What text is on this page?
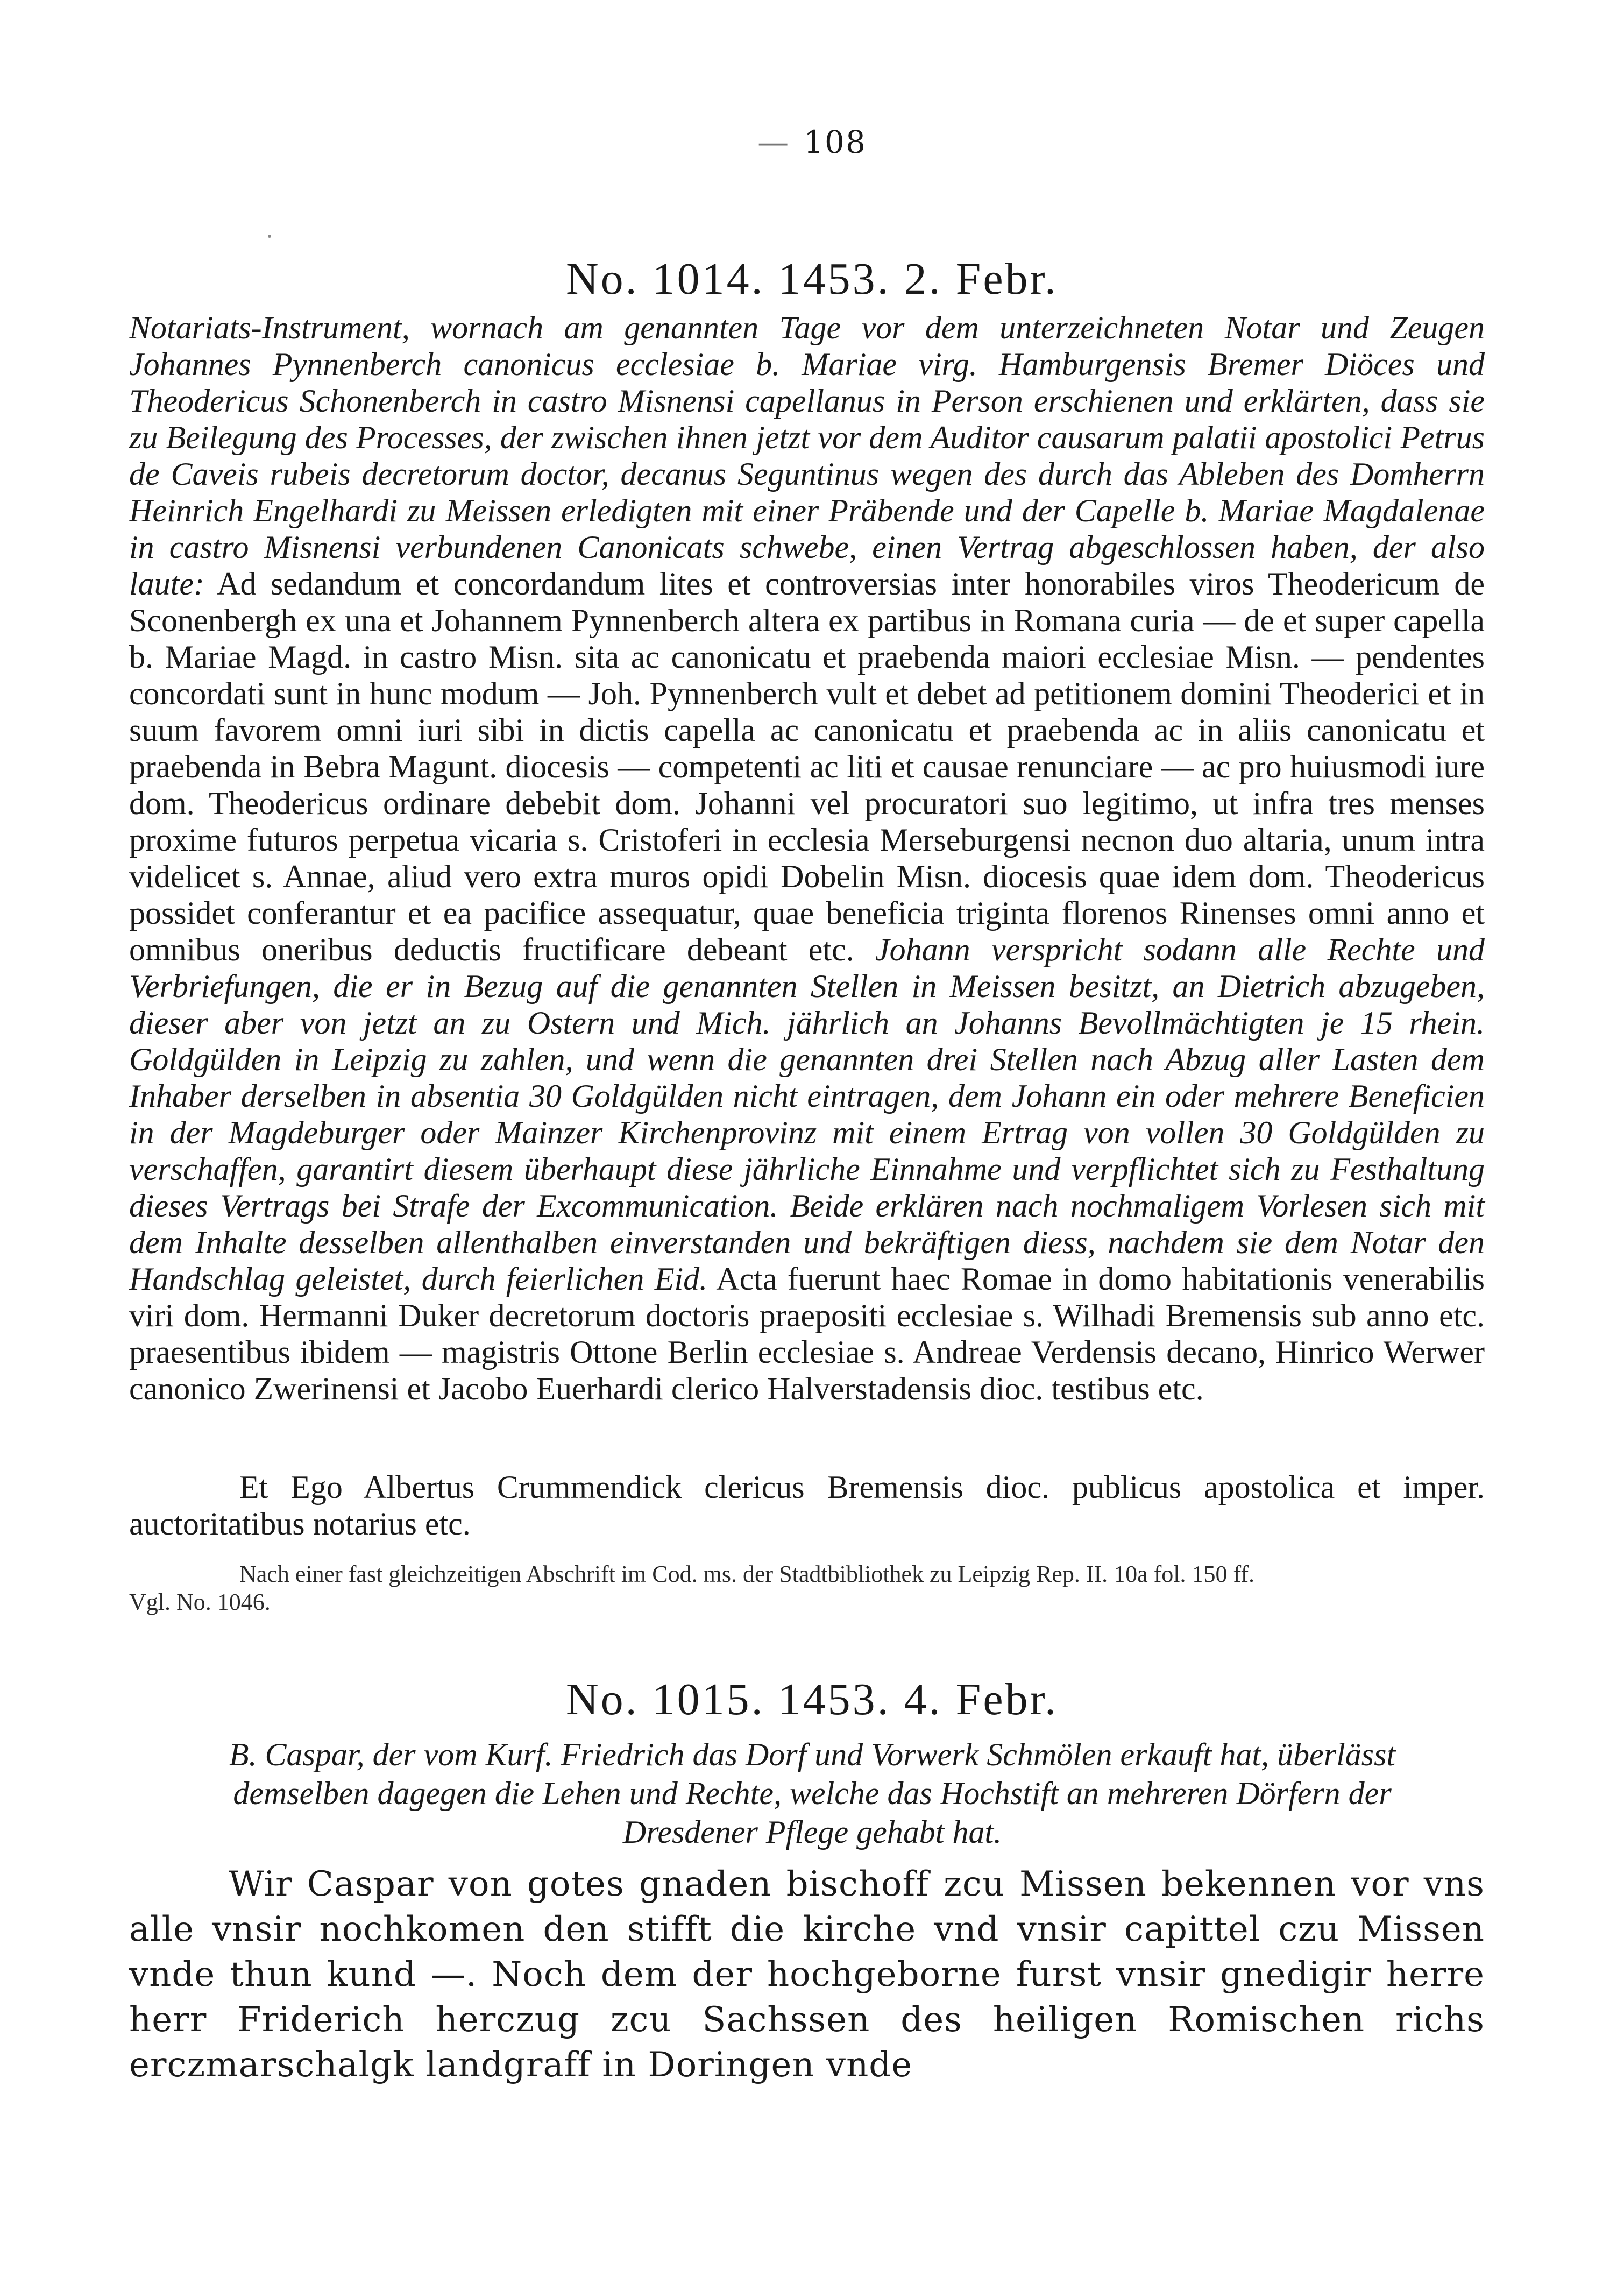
— 108
No. 1014. 1453. 2. Febr.
Notariats-Instrument, wornach am genannten Tage vor dem unterzeichneten Notar und Zeugen Johannes Pynnenberch canonicus ecclesiae b. Mariae virg. Hamburgensis Bremer Diöces und Theodericus Schonenberch in castro Misnensi capellanus in Person erschienen und erklärten, dass sie zu Beilegung des Processes, der zwischen ihnen jetzt vor dem Auditor causarum palatii apostolici Petrus de Caveis rubeis decretorum doctor, decanus Seguntinus wegen des durch das Ableben des Domherrn Heinrich Engelhardi zu Meissen erledigten mit einer Präbende und der Capelle b. Mariae Magdalenae in castro Misnensi verbundenen Canonicats schwebe, einen Vertrag abgeschlossen haben, der also laute: Ad sedandum et concordandum lites et controversias inter honorabiles viros Theodericum de Sconenbergh ex una et Johannem Pynnenberch altera ex partibus in Romana curia — de et super capella b. Mariae Magd. in castro Misn. sita ac canonicatu et praebenda maiori ecclesiae Misn. — pendentes concordati sunt in hunc modum — Joh. Pynnenberch vult et debet ad petitionem domini Theoderici et in suum favorem omni iuri sibi in dictis capella ac canonicatu et praebenda ac in aliis canonicatu et praebenda in Bebra Magunt. diocesis — competenti ac liti et causae renunciare — ac pro huiusmodi iure dom. Theodericus ordinare debebit dom. Johanni vel procuratori suo legitimo, ut infra tres menses proxime futuros perpetua vicaria s. Cristoferi in ecclesia Merseburgensi necnon duo altaria, unum intra videlicet s. Annae, aliud vero extra muros opidi Dobelin Misn. diocesis quae idem dom. Theodericus possidet conferantur et ea pacifice assequatur, quae beneficia triginta florenos Rinenses omni anno et omnibus oneribus deductis fructificare debeant etc. Johann verspricht sodann alle Rechte und Verbriefungen, die er in Bezug auf die genannten Stellen in Meissen besitzt, an Dietrich abzugeben, dieser aber von jetzt an zu Ostern und Mich. jährlich an Johanns Bevollmächtigten je 15 rhein. Goldgülden in Leipzig zu zahlen, und wenn die genannten drei Stellen nach Abzug aller Lasten dem Inhaber derselben in absentia 30 Goldgülden nicht eintragen, dem Johann ein oder mehrere Beneficien in der Magdeburger oder Mainzer Kirchenprovinz mit einem Ertrag von vollen 30 Goldgülden zu verschaffen, garantirt diesem überhaupt diese jährliche Einnahme und verpflichtet sich zu Festhaltung dieses Vertrags bei Strafe der Excommunication. Beide erklären nach nochmaligem Vorlesen sich mit dem Inhalte desselben allenthalben einverstanden und bekräftigen diess, nachdem sie dem Notar den Handschlag geleistet, durch feierlichen Eid. Acta fuerunt haec Romae in domo habitationis venerabilis viri dom. Hermanni Duker decretorum doctoris praepositi ecclesiae s. Wilhadi Bremensis sub anno etc. praesentibus ibidem — magistris Ottone Berlin ecclesiae s. Andreae Verdensis decano, Hinrico Werwer canonico Zwerinensi et Jacobo Euerhardi clerico Halverstadensis dioc. testibus etc.
Et Ego Albertus Crummendick clericus Bremensis dioc. publicus apostolica et imper. auctoritatibus notarius etc.
Nach einer fast gleichzeitigen Abschrift im Cod. ms. der Stadtbibliothek zu Leipzig Rep. II. 10a fol. 150 ff.
Vgl. No. 1046.
No. 1015. 1453. 4. Febr.
B. Caspar, der vom Kurf. Friedrich das Dorf und Vorwerk Schmölen erkauft hat, überlässt
demselben dagegen die Lehen und Rechte, welche das Hochstift an mehreren Dörfern der
Dresdener Pflege gehabt hat.
Wir Caspar von gotes gnaden bischoff zcu Missen bekennen vor vns alle vnsir nochkomen den stifft die kirche vnd vnsir capittel czu Missen vnde thun kund —. Noch dem der hochgeborne furst vnsir gnedigir herre herr Friderich herczug zcu Sachssen des heiligen Romischen richs erczmarschalgk landgraff in Doringen vnde
